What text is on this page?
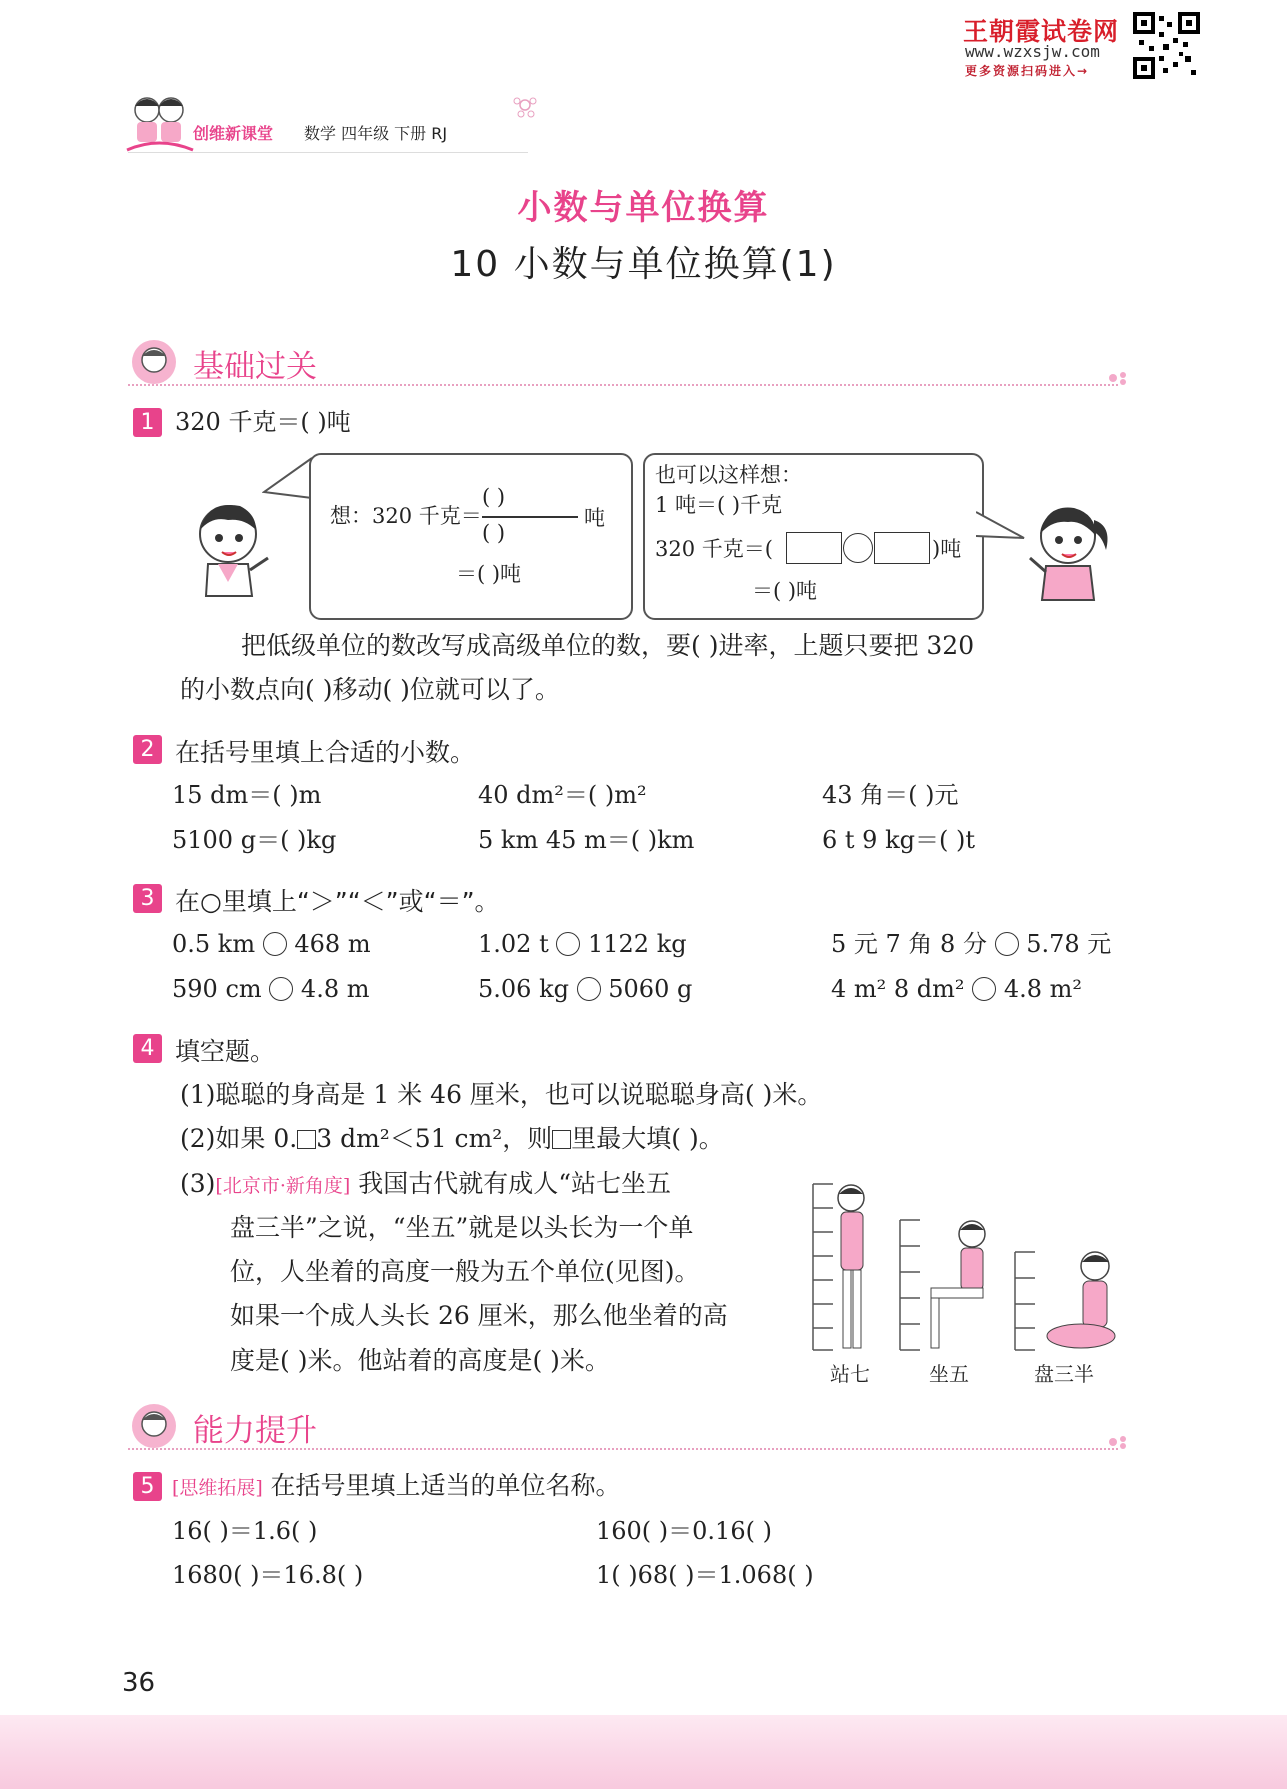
王朝霞试卷网
www.wzxsjw.com
更多资源扫码进入→
创维新课堂 数学 四年级 下册 RJ
小数与单位换算
10 小数与单位换算(1)
基础过关
1 320 千克＝( )吨
想：320 千克＝
( )
( )
吨
＝( )吨
也可以这样想：
1 吨＝( )千克
320 千克＝(	)吨
＝( )吨
把低级单位的数改写成高级单位的数，要( )进率，上题只要把 320
的小数点向( )移动( )位就可以了。
2 在括号里填上合适的小数。
15 dm＝( )m	40 dm²＝( )m²	43 角＝( )元
5100 g＝( )kg	5 km 45 m＝( )km	6 t 9 kg＝( )t
3 在○里填上“＞”“＜”或“＝”。
0.5 km 468 m	1.02 t 1122 kg	5 元 7 角 8 分 5.78 元
590 cm 4.8 m	5.06 kg 5060 g	4 m² 8 dm² 4.8 m²
4 填空题。
(1)聪聪的身高是 1 米 46 厘米，也可以说聪聪身高( )米。
(2)如果 0. 3 dm²＜51 cm²，则 里最大填( )。
(3)[北京市·新角度] 我国古代就有成人“站七坐五
盘三半”之说，“坐五”就是以头长为一个单
位，人坐着的高度一般为五个单位(见图)。
如果一个成人头长 26 厘米，那么他坐着的高
度是( )米。他站着的高度是( )米。	站七	坐五	盘三半
能力提升
5 [思维拓展] 在括号里填上适当的单位名称。
16( )＝1.6( )	160( )＝0.16( )
1680( )＝16.8( )	1( )68( )＝1.068( )
36
